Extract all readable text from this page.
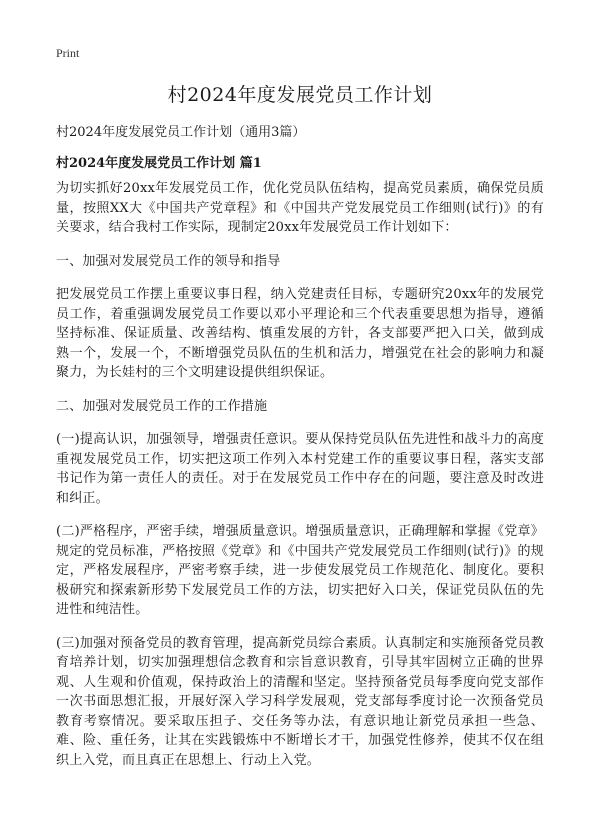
Print
村2024年度发展党员工作计划
村2024年度发展党员工作计划（通用3篇）
村2024年度发展党员工作计划 篇1

为切实抓好20xx年发展党员工作，优化党员队伍结构，提高党员素质，确保党员质量，按照XX大《中国共产党章程》和《中国共产党发展党员工作细则(试行)》的有关要求，结合我村工作实际，现制定20xx年发展党员工作计划如下：

一、加强对发展党员工作的领导和指导

把发展党员工作摆上重要议事日程，纳入党建责任目标，专题研究20xx年的发展党员工作，着重强调发展党员工作要以邓小平理论和三个代表重要思想为指导，遵循坚持标准、保证质量、改善结构、慎重发展的方针，各支部要严把入口关，做到成熟一个，发展一个，不断增强党员队伍的生机和活力，增强党在社会的影响力和凝聚力，为长娃村的三个文明建设提供组织保证。

二、加强对发展党员工作的工作措施

(一)提高认识，加强领导，增强责任意识。要从保持党员队伍先进性和战斗力的高度重视发展党员工作，切实把这项工作列入本村党建工作的重要议事日程，落实支部书记作为第一责任人的责任。对于在发展党员工作中存在的问题，要注意及时改进和纠正。

(二)严格程序，严密手续，增强质量意识。增强质量意识，正确理解和掌握《党章》规定的党员标准，严格按照《党章》和《中国共产党发展党员工作细则(试行)》的规定，严格发展程序，严密考察手续，进一步使发展党员工作规范化、制度化。要积极研究和探索新形势下发展党员工作的方法，切实把好入口关，保证党员队伍的先进性和纯洁性。

(三)加强对预备党员的教育管理，提高新党员综合素质。认真制定和实施预备党员教育培养计划，切实加强理想信念教育和宗旨意识教育，引导其牢固树立正确的世界观、人生观和价值观，保持政治上的清醒和坚定。坚持预备党员每季度向党支部作一次书面思想汇报，开展好深入学习科学发展观，党支部每季度讨论一次预备党员教育考察情况。要采取压担子、交任务等办法，有意识地让新党员承担一些急、难、险、重任务，让其在实践锻炼中不断增长才干，加强党性修养，使其不仅在组织上入党，而且真正在思想上、行动上入党。
